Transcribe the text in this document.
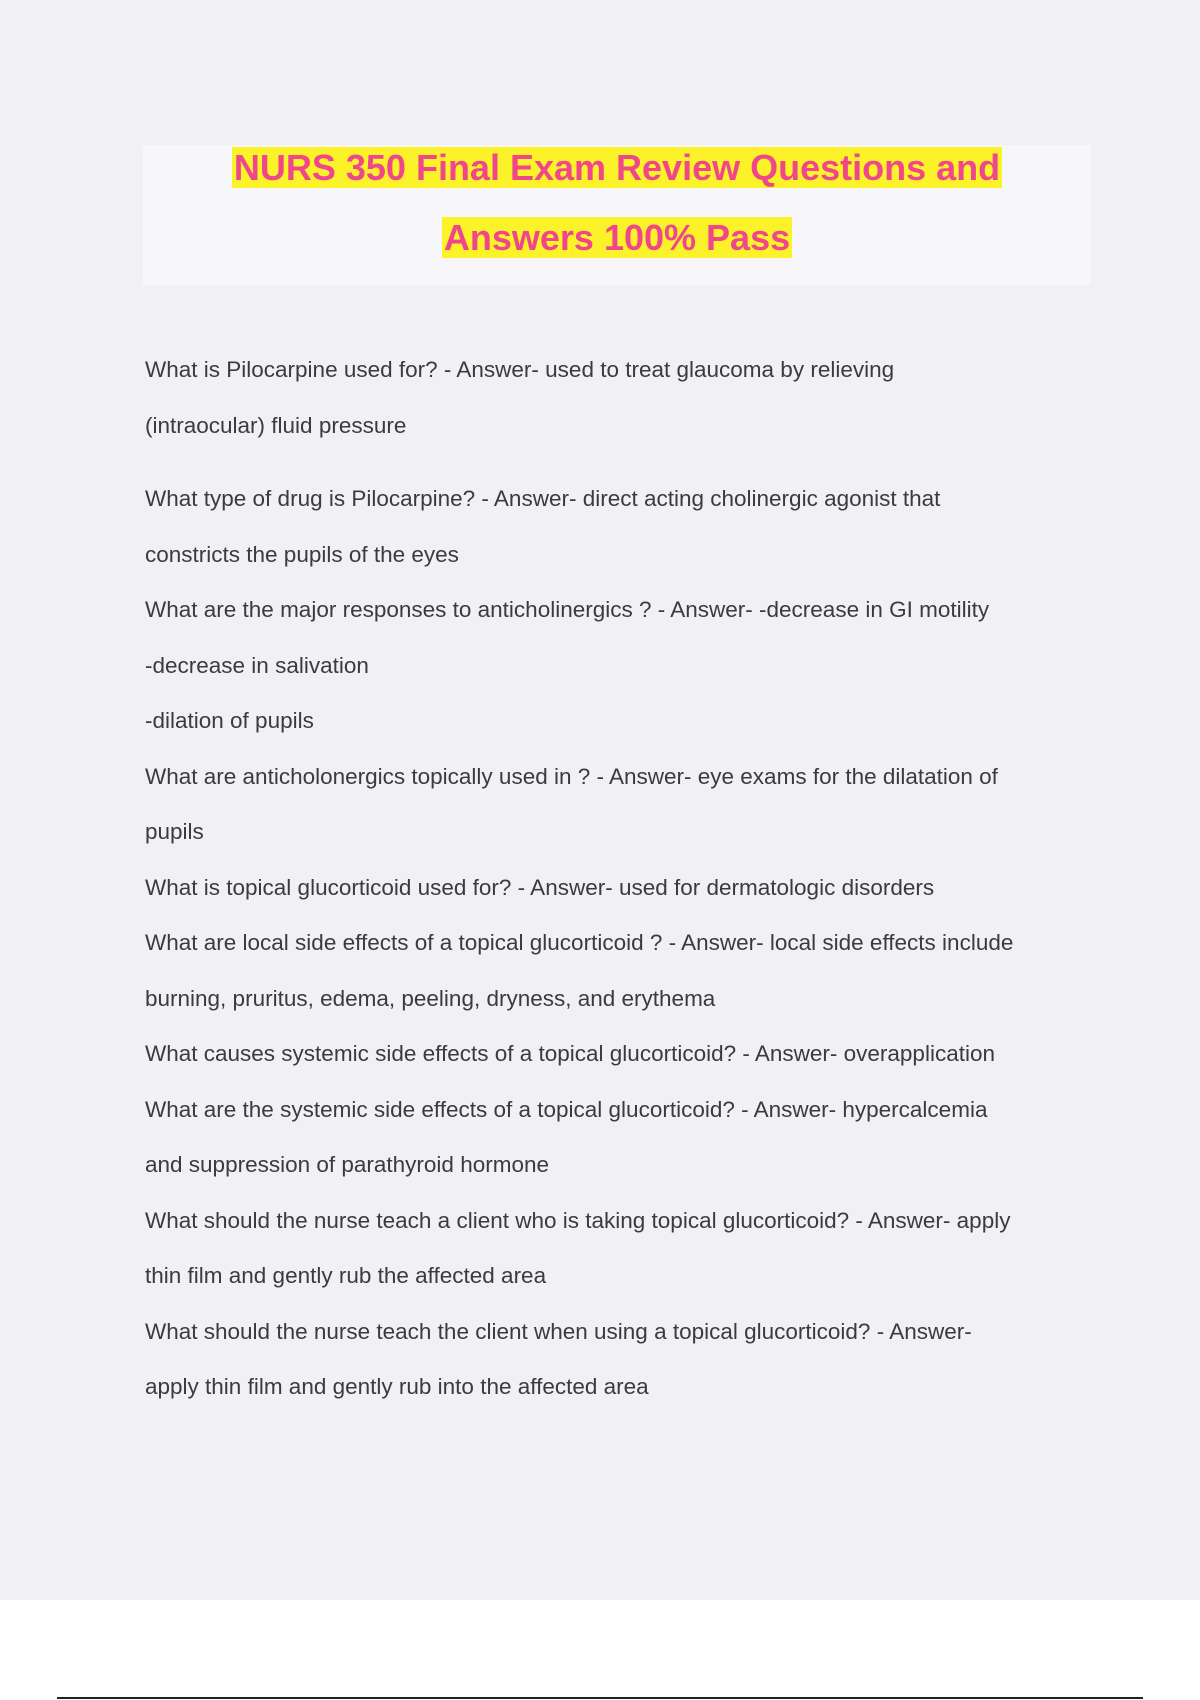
NURS 350 Final Exam Review Questions and
Answers 100% Pass
What is Pilocarpine used for? - Answer- used to treat glaucoma by relieving
(intraocular) fluid pressure
What type of drug is Pilocarpine? - Answer- direct acting cholinergic agonist that
constricts the pupils of the eyes
What are the major responses to anticholinergics ? - Answer- -decrease in GI motility
-decrease in salivation
-dilation of pupils
What are anticholonergics topically used in ? - Answer- eye exams for the dilatation of
pupils
What is topical glucorticoid used for? - Answer- used for dermatologic disorders
What are local side effects of a topical glucorticoid ? - Answer- local side effects include
burning, pruritus, edema, peeling, dryness, and erythema
What causes systemic side effects of a topical glucorticoid? - Answer- overapplication
What are the systemic side effects of a topical glucorticoid? - Answer- hypercalcemia
and suppression of parathyroid hormone
What should the nurse teach a client who is taking topical glucorticoid? - Answer- apply
thin film and gently rub the affected area
What should the nurse teach the client when using a topical glucorticoid? - Answer-
apply thin film and gently rub into the affected area
